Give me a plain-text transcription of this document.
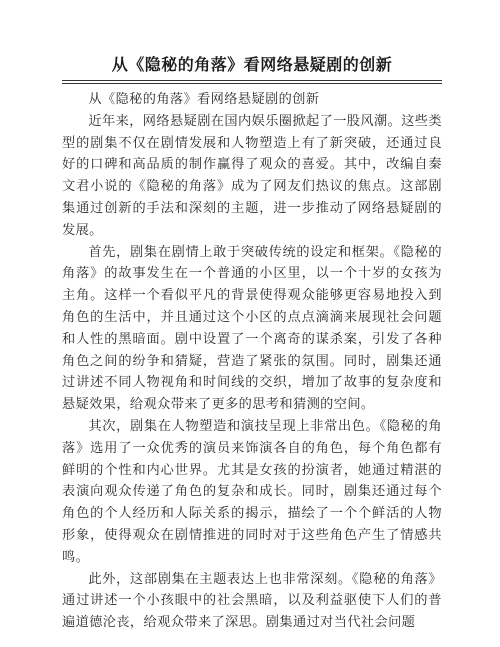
从《隐秘的角落》看网络悬疑剧的创新

从《隐秘的角落》看网络悬疑剧的创新

近年来，网络悬疑剧在国内娱乐圈掀起了一股风潮。这些类型的剧集不仅在剧情发展和人物塑造上有了新突破，还通过良好的口碑和高品质的制作赢得了观众的喜爱。其中，改编自秦文君小说的《隐秘的角落》成为了网友们热议的焦点。这部剧集通过创新的手法和深刻的主题，进一步推动了网络悬疑剧的发展。

首先，剧集在剧情上敢于突破传统的设定和框架。《隐秘的角落》的故事发生在一个普通的小区里，以一个十岁的女孩为主角。这样一个看似平凡的背景使得观众能够更容易地投入到角色的生活中，并且通过这个小区的点点滴滴来展现社会问题和人性的黑暗面。剧中设置了一个离奇的谋杀案，引发了各种角色之间的纷争和猜疑，营造了紧张的氛围。同时，剧集还通过讲述不同人物视角和时间线的交织，增加了故事的复杂度和悬疑效果，给观众带来了更多的思考和猜测的空间。

其次，剧集在人物塑造和演技呈现上非常出色。《隐秘的角落》选用了一众优秀的演员来饰演各自的角色，每个角色都有鲜明的个性和内心世界。尤其是女孩的扮演者，她通过精湛的表演向观众传递了角色的复杂和成长。同时，剧集还通过每个角色的个人经历和人际关系的揭示，描绘了一个个鲜活的人物形象，使得观众在剧情推进的同时对于这些角色产生了情感共鸣。

此外，这部剧集在主题表达上也非常深刻。《隐秘的角落》通过讲述一个小孩眼中的社会黑暗，以及利益驱使下人们的普遍道德沦丧，给观众带来了深思。剧集通过对当代社会问题
